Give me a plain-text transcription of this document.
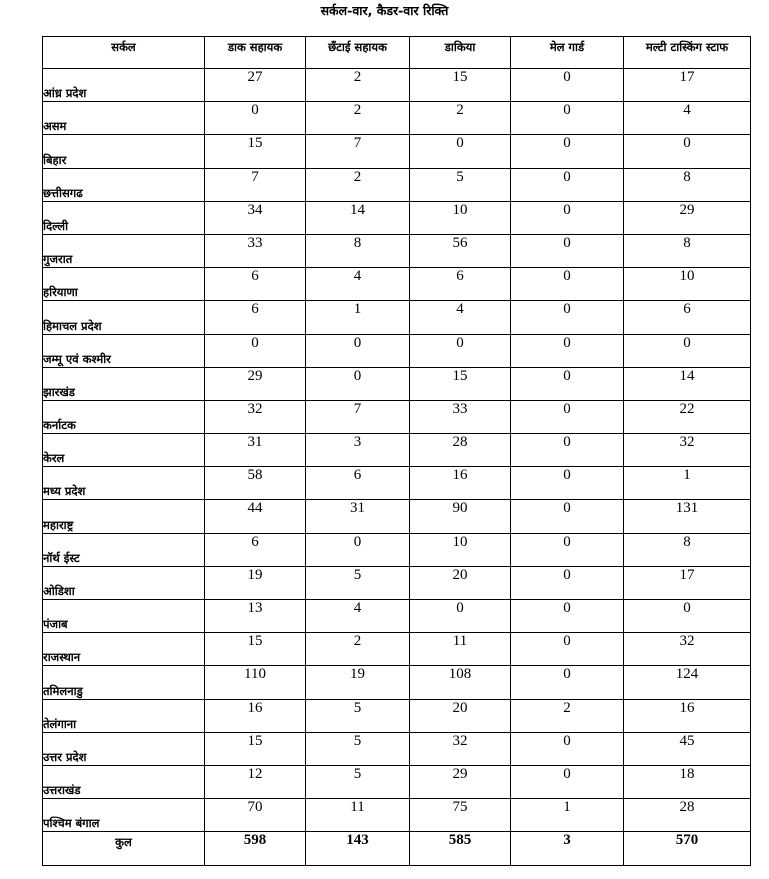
सर्कल-वार, कैडर-वार रिक्ति
सर्कल	डाक सहायक	छँटाई सहायक	डाकिया	मेल गार्ड	मल्टी टास्किंग स्टाफ
आंध्र प्रदेश	27	2	15	0	17
असम	0	2	2	0	4
बिहार	15	7	0	0	0
छत्तीसगढ	7	2	5	0	8
दिल्ली	34	14	10	0	29
गुजरात	33	8	56	0	8
हरियाणा	6	4	6	0	10
हिमाचल प्रदेश	6	1	4	0	6
जम्मू एवं कश्मीर	0	0	0	0	0
झारखंड	29	0	15	0	14
कर्नाटक	32	7	33	0	22
केरल	31	3	28	0	32
मध्य प्रदेश	58	6	16	0	1
महाराष्ट्र	44	31	90	0	131
नॉर्थ ईस्ट	6	0	10	0	8
ओडिशा	19	5	20	0	17
पंजाब	13	4	0	0	0
राजस्थान	15	2	11	0	32
तमिलनाडु	110	19	108	0	124
तेलंगाना	16	5	20	2	16
उत्तर प्रदेश	15	5	32	0	45
उत्तराखंड	12	5	29	0	18
पश्चिम बंगाल	70	11	75	1	28
कुल	598	143	585	3	570
